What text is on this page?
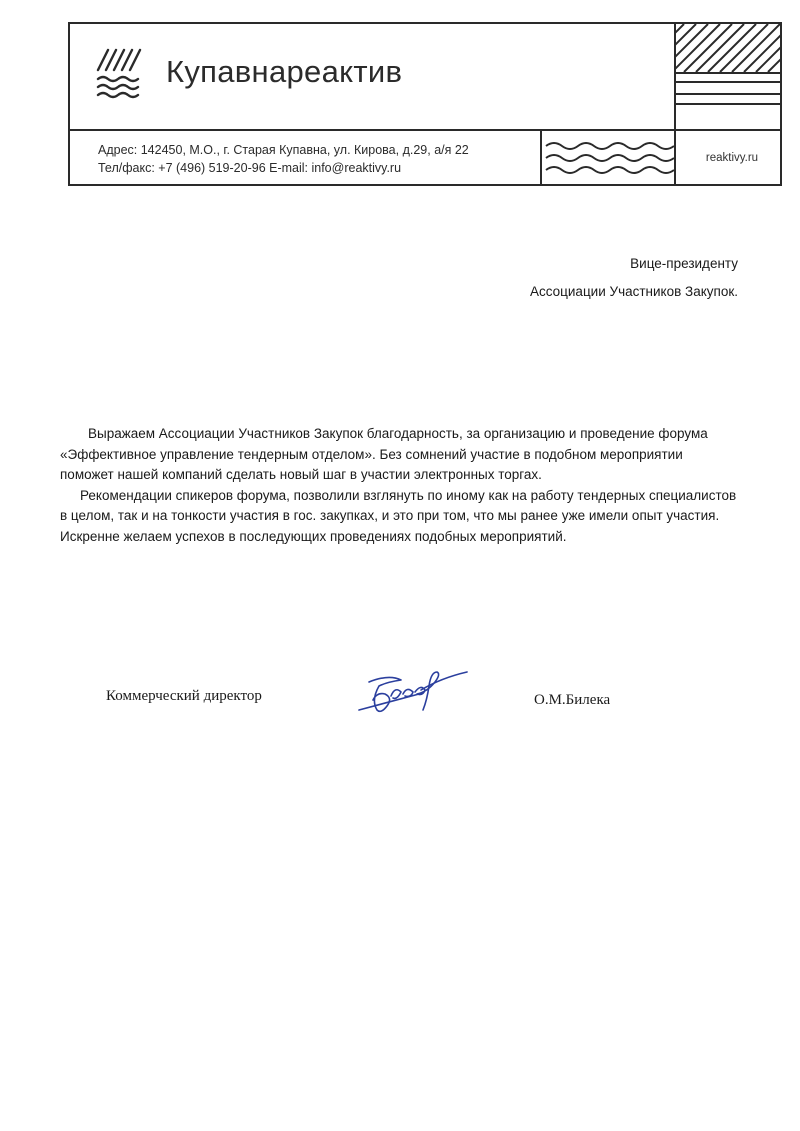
Купавнареактив
Адрес: 142450, М.О., г. Старая Купавна, ул. Кирова, д.29, а/я 22
Тел/факс: +7 (496) 519-20-96 E-mail: info@reaktivy.ru
reaktivy.ru
Вице-президенту
Ассоциации Участников Закупок.

Выражаем Ассоциации Участников Закупок благодарность, за организацию и проведение форума «Эффективное управление тендерным отделом». Без сомнений участие в подобном мероприятии поможет нашей компаний сделать новый шаг в участии электронных торгах.

Рекомендации спикеров форума, позволили взглянуть по иному как на работу тендерных специалистов в целом, так и на тонкости участия в гос. закупках, и это при том, что мы ранее уже имели опыт участия.

Искренне желаем успехов в последующих проведениях подобных мероприятий.

Коммерческий директор	О.М.Билека
